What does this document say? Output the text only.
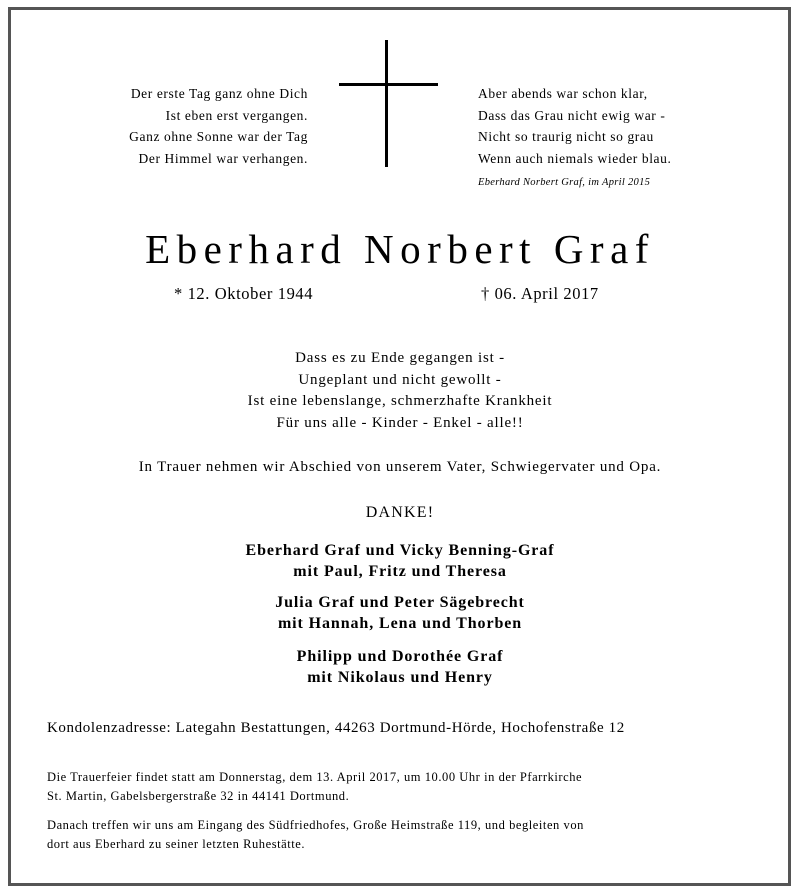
Der erste Tag ganz ohne Dich
Ist eben erst vergangen.
Ganz ohne Sonne war der Tag
Der Himmel war verhangen.
Aber abends war schon klar,
Dass das Grau nicht ewig war -
Nicht so traurig nicht so grau
Wenn auch niemals wieder blau.
Eberhard Norbert Graf, im April 2015
Eberhard Norbert Graf
* 12. Oktober 1944	† 06. April 2017
Dass es zu Ende gegangen ist -
Ungeplant und nicht gewollt -
Ist eine lebenslange, schmerzhafte Krankheit
Für uns alle - Kinder - Enkel - alle!!
In Trauer nehmen wir Abschied von unserem Vater, Schwiegervater und Opa.
DANKE!
Eberhard Graf und Vicky Benning-Graf
mit Paul, Fritz und Theresa
Julia Graf und Peter Sägebrecht
mit Hannah, Lena und Thorben
Philipp und Dorothée Graf
mit Nikolaus und Henry
Kondolenzadresse: Lategahn Bestattungen, 44263 Dortmund-Hörde, Hochofenstraße 12
Die Trauerfeier findet statt am Donnerstag, dem 13. April 2017, um 10.00 Uhr in der Pfarrkirche
St. Martin, Gabelsbergerstraße 32 in 44141 Dortmund.
Danach treffen wir uns am Eingang des Südfriedhofes, Große Heimstraße 119, und begleiten von
dort aus Eberhard zu seiner letzten Ruhestätte.
